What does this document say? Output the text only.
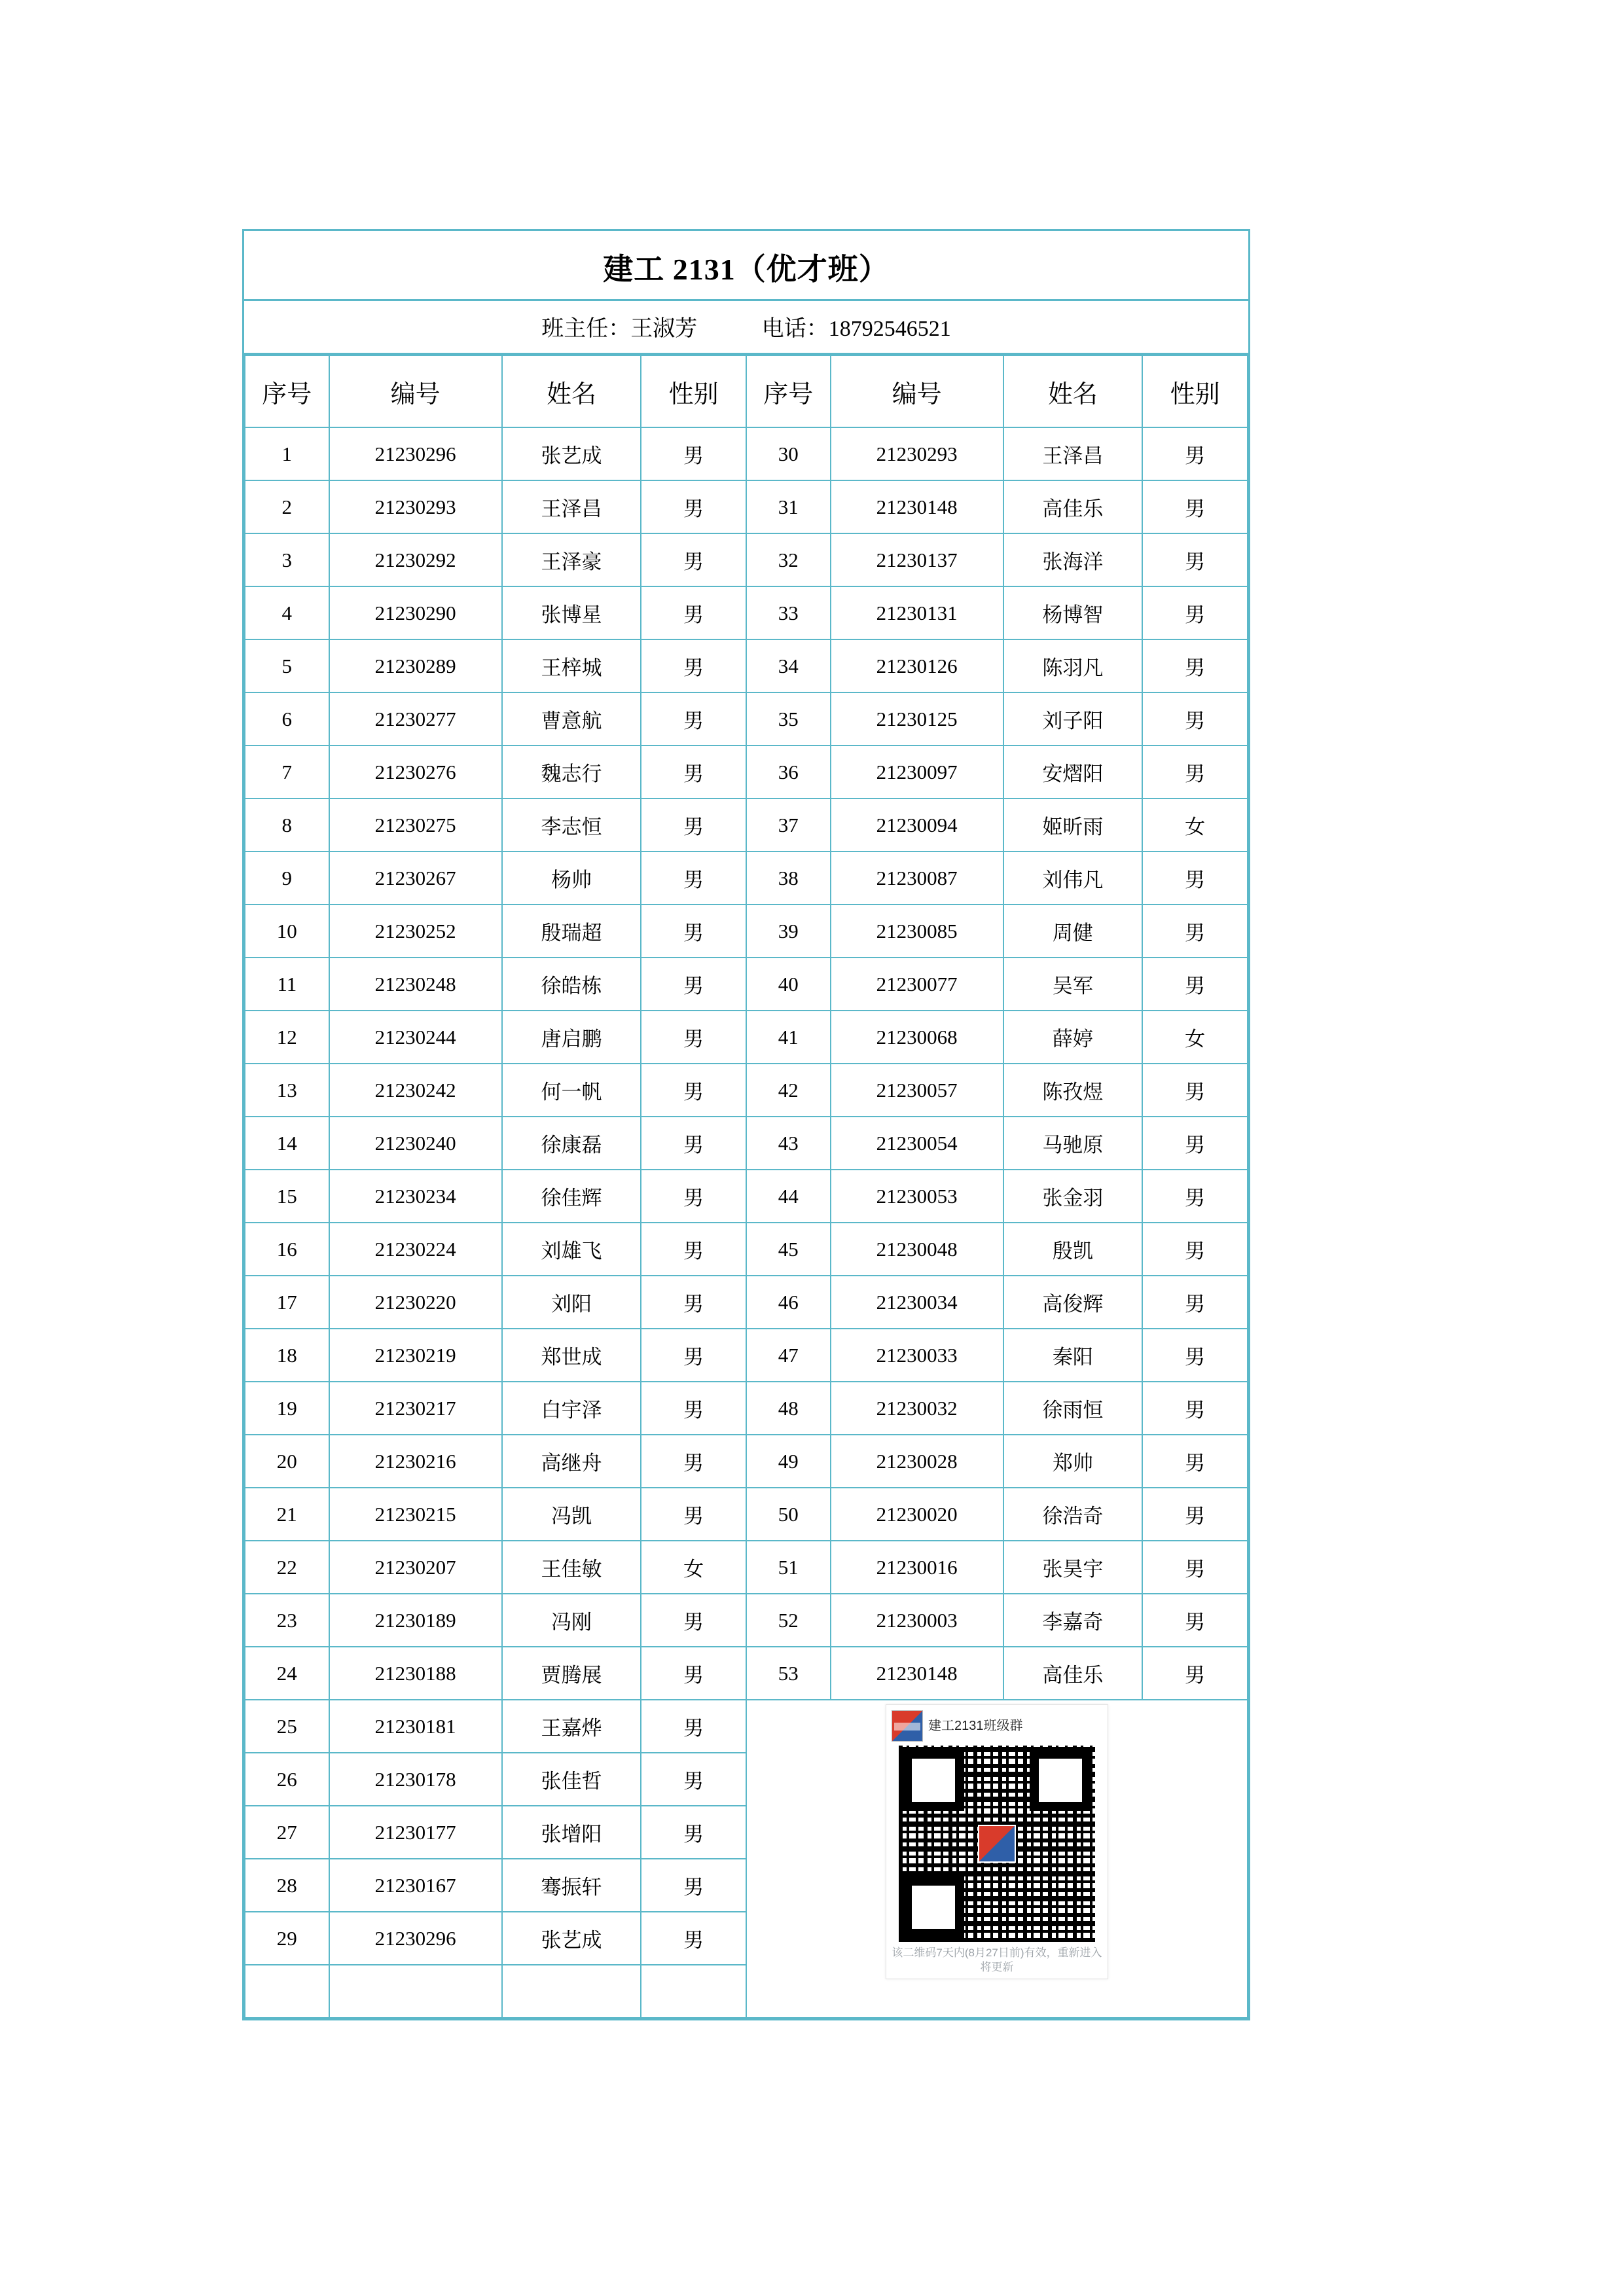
建工 2131（优才班）
班主任：王淑芳	电话：18792546521
序号	编号	姓名	性别	序号	编号	姓名	性别
1	21230296	张艺成	男	30	21230293	王泽昌	男
2	21230293	王泽昌	男	31	21230148	高佳乐	男
3	21230292	王泽豪	男	32	21230137	张海洋	男
4	21230290	张博星	男	33	21230131	杨博智	男
5	21230289	王梓城	男	34	21230126	陈羽凡	男
6	21230277	曹意航	男	35	21230125	刘子阳	男
7	21230276	魏志行	男	36	21230097	安熠阳	男
8	21230275	李志恒	男	37	21230094	姬昕雨	女
9	21230267	杨帅	男	38	21230087	刘伟凡	男
10	21230252	殷瑞超	男	39	21230085	周健	男
11	21230248	徐皓栋	男	40	21230077	吴军	男
12	21230244	唐启鹏	男	41	21230068	薛婷	女
13	21230242	何一帆	男	42	21230057	陈孜煜	男
14	21230240	徐康磊	男	43	21230054	马驰原	男
15	21230234	徐佳辉	男	44	21230053	张金羽	男
16	21230224	刘雄飞	男	45	21230048	殷凯	男
17	21230220	刘阳	男	46	21230034	高俊辉	男
18	21230219	郑世成	男	47	21230033	秦阳	男
19	21230217	白宇泽	男	48	21230032	徐雨恒	男
20	21230216	高继舟	男	49	21230028	郑帅	男
21	21230215	冯凯	男	50	21230020	徐浩奇	男
22	21230207	王佳敏	女	51	21230016	张昊宇	男
23	21230189	冯刚	男	52	21230003	李嘉奇	男
24	21230188	贾腾展	男	53	21230148	高佳乐	男
25	21230181	王嘉烨	男	建工2131班级群
该二维码7天内(8月27日前)有效，重新进入将更新			

26	21230178	张佳哲	男				
27	21230177	张增阳	男				
28	21230167	骞振轩	男				
29	21230296	张艺成	男				
